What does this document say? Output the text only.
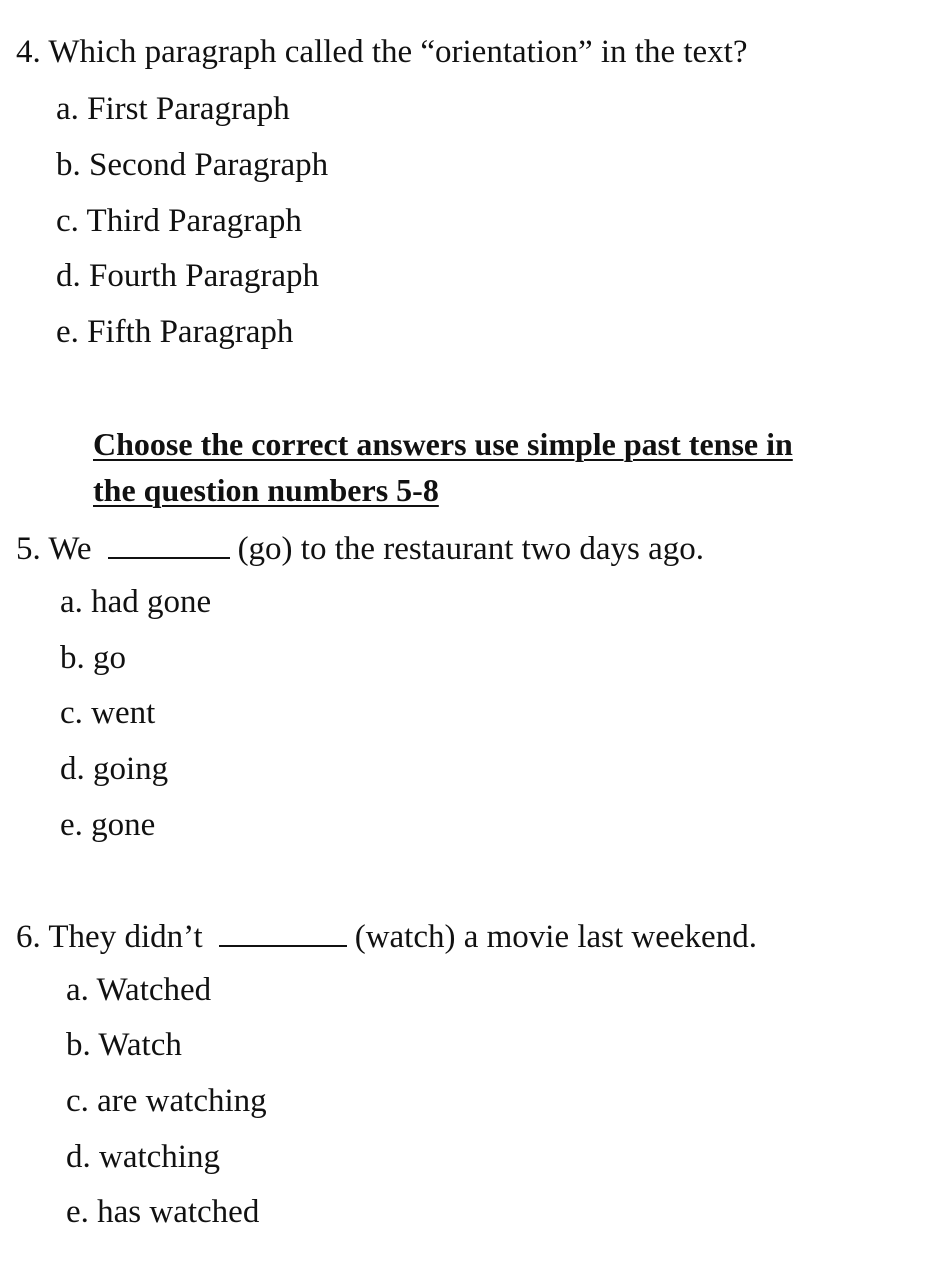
4. Which paragraph called the “orientation” in the text?
a. First Paragraph
b. Second Paragraph
c. Third Paragraph
d. Fourth Paragraph
e. Fifth Paragraph
Choose the correct answers use simple past tense in
the question numbers 5-8
5. We	(go) to the restaurant two days ago.
a. had gone
b. go
c. went
d. going
e. gone
6. They didn’t	(watch) a movie last weekend.
a. Watched
b. Watch
c. are watching
d. watching
e. has watched
